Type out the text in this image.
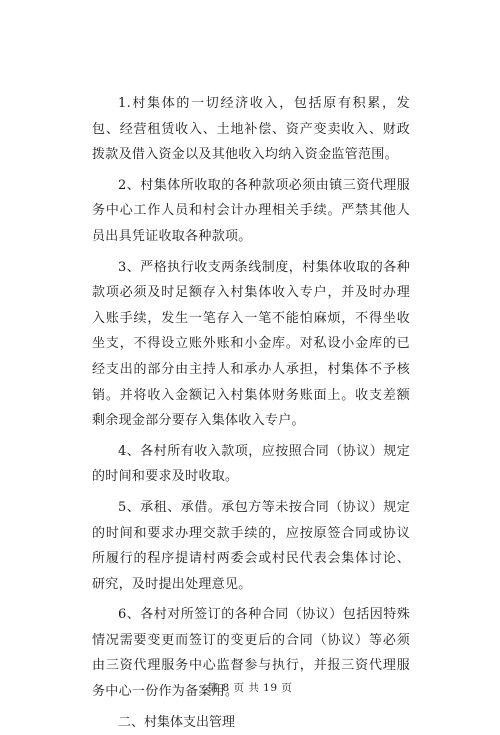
1.村集体的一切经济收入，包括原有积累，发包、经营租赁收入、土地补偿、资产变卖收入、财政拨款及借入资金以及其他收入均纳入资金监管范围。

2、村集体所收取的各种款项必须由镇三资代理服务中心工作人员和村会计办理相关手续。严禁其他人员出具凭证收取各种款项。

3、严格执行收支两条线制度，村集体收取的各种款项必须及时足额存入村集体收入专户，并及时办理入账手续，发生一笔存入一笔不能怕麻烦，不得坐收坐支，不得设立账外账和小金库。对私设小金库的已经支出的部分由主持人和承办人承担，村集体不予核销。并将收入金额记入村集体财务账面上。收支差额剩余现金部分要存入集体收入专户。

4、各村所有收入款项，应按照合同（协议）规定的时间和要求及时收取。

5、承租、承借。承包方等未按合同（协议）规定的时间和要求办理交款手续的，应按原签合同或协议所履行的程序提请村两委会或村民代表会集体讨论、研究，及时提出处理意见。

6、各村对所签订的各种合同（协议）包括因特殊情况需要变更而签订的变更后的合同（协议）等必须由三资代理服务中心监督参与执行，并报三资代理服务中心一份作为备案用。

二、村集体支出管理

第 8 页 共 19 页
